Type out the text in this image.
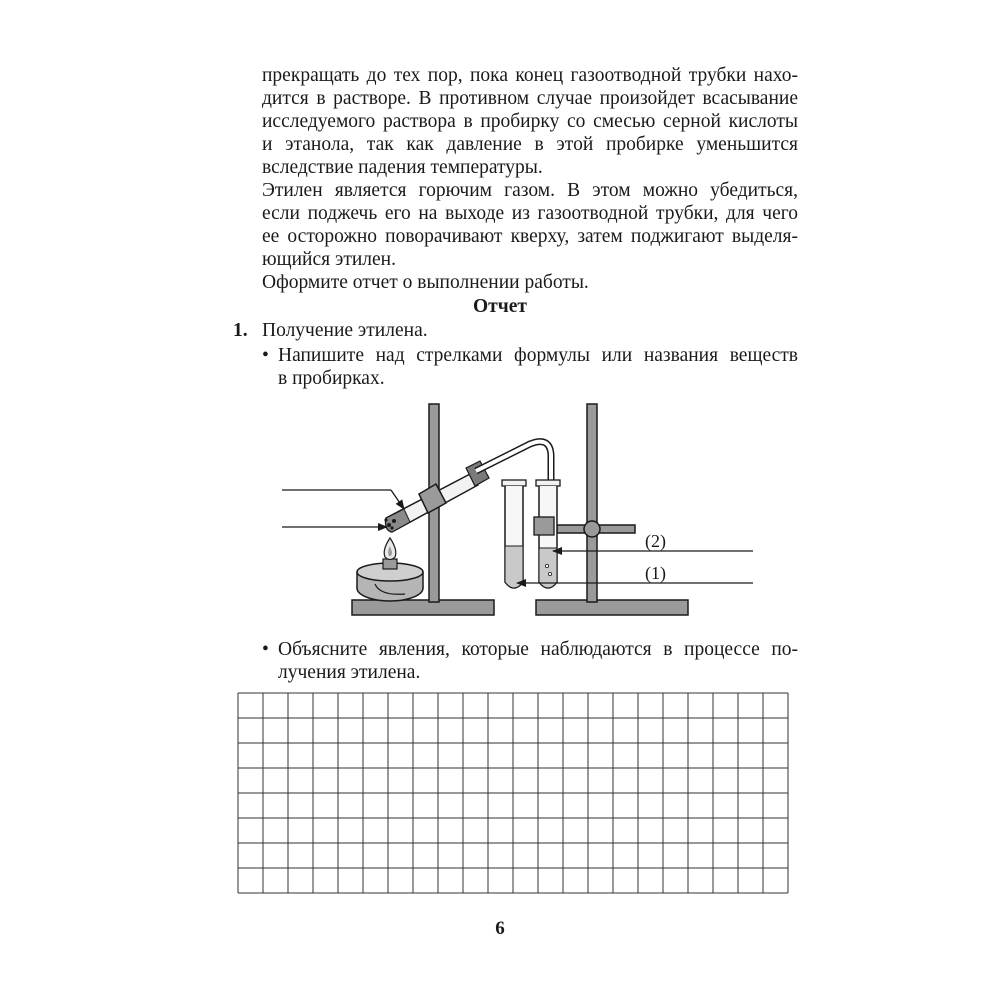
прекращать до тех пор, пока конец газоотводной трубки нахо-
дится в растворе. В противном случае произойдет всасывание
исследуемого раствора в пробирку со смесью серной кислоты
и этанола, так как давление в этой пробирке уменьшится
вследствие падения температуры.
Этилен является горючим газом. В этом можно убедиться,
если поджечь его на выходе из газоотводной трубки, для чего
ее осторожно поворачивают кверху, затем поджигают выделя-
ющийся этилен.
Оформите отчет о выполнении работы.
Отчет
1. Получение этилена.
• Напишите над стрелками формулы или названия веществ
в пробирках.
(2)
(1)
• Объясните явления, которые наблюдаются в процессе по-
лучения этилена.
6
